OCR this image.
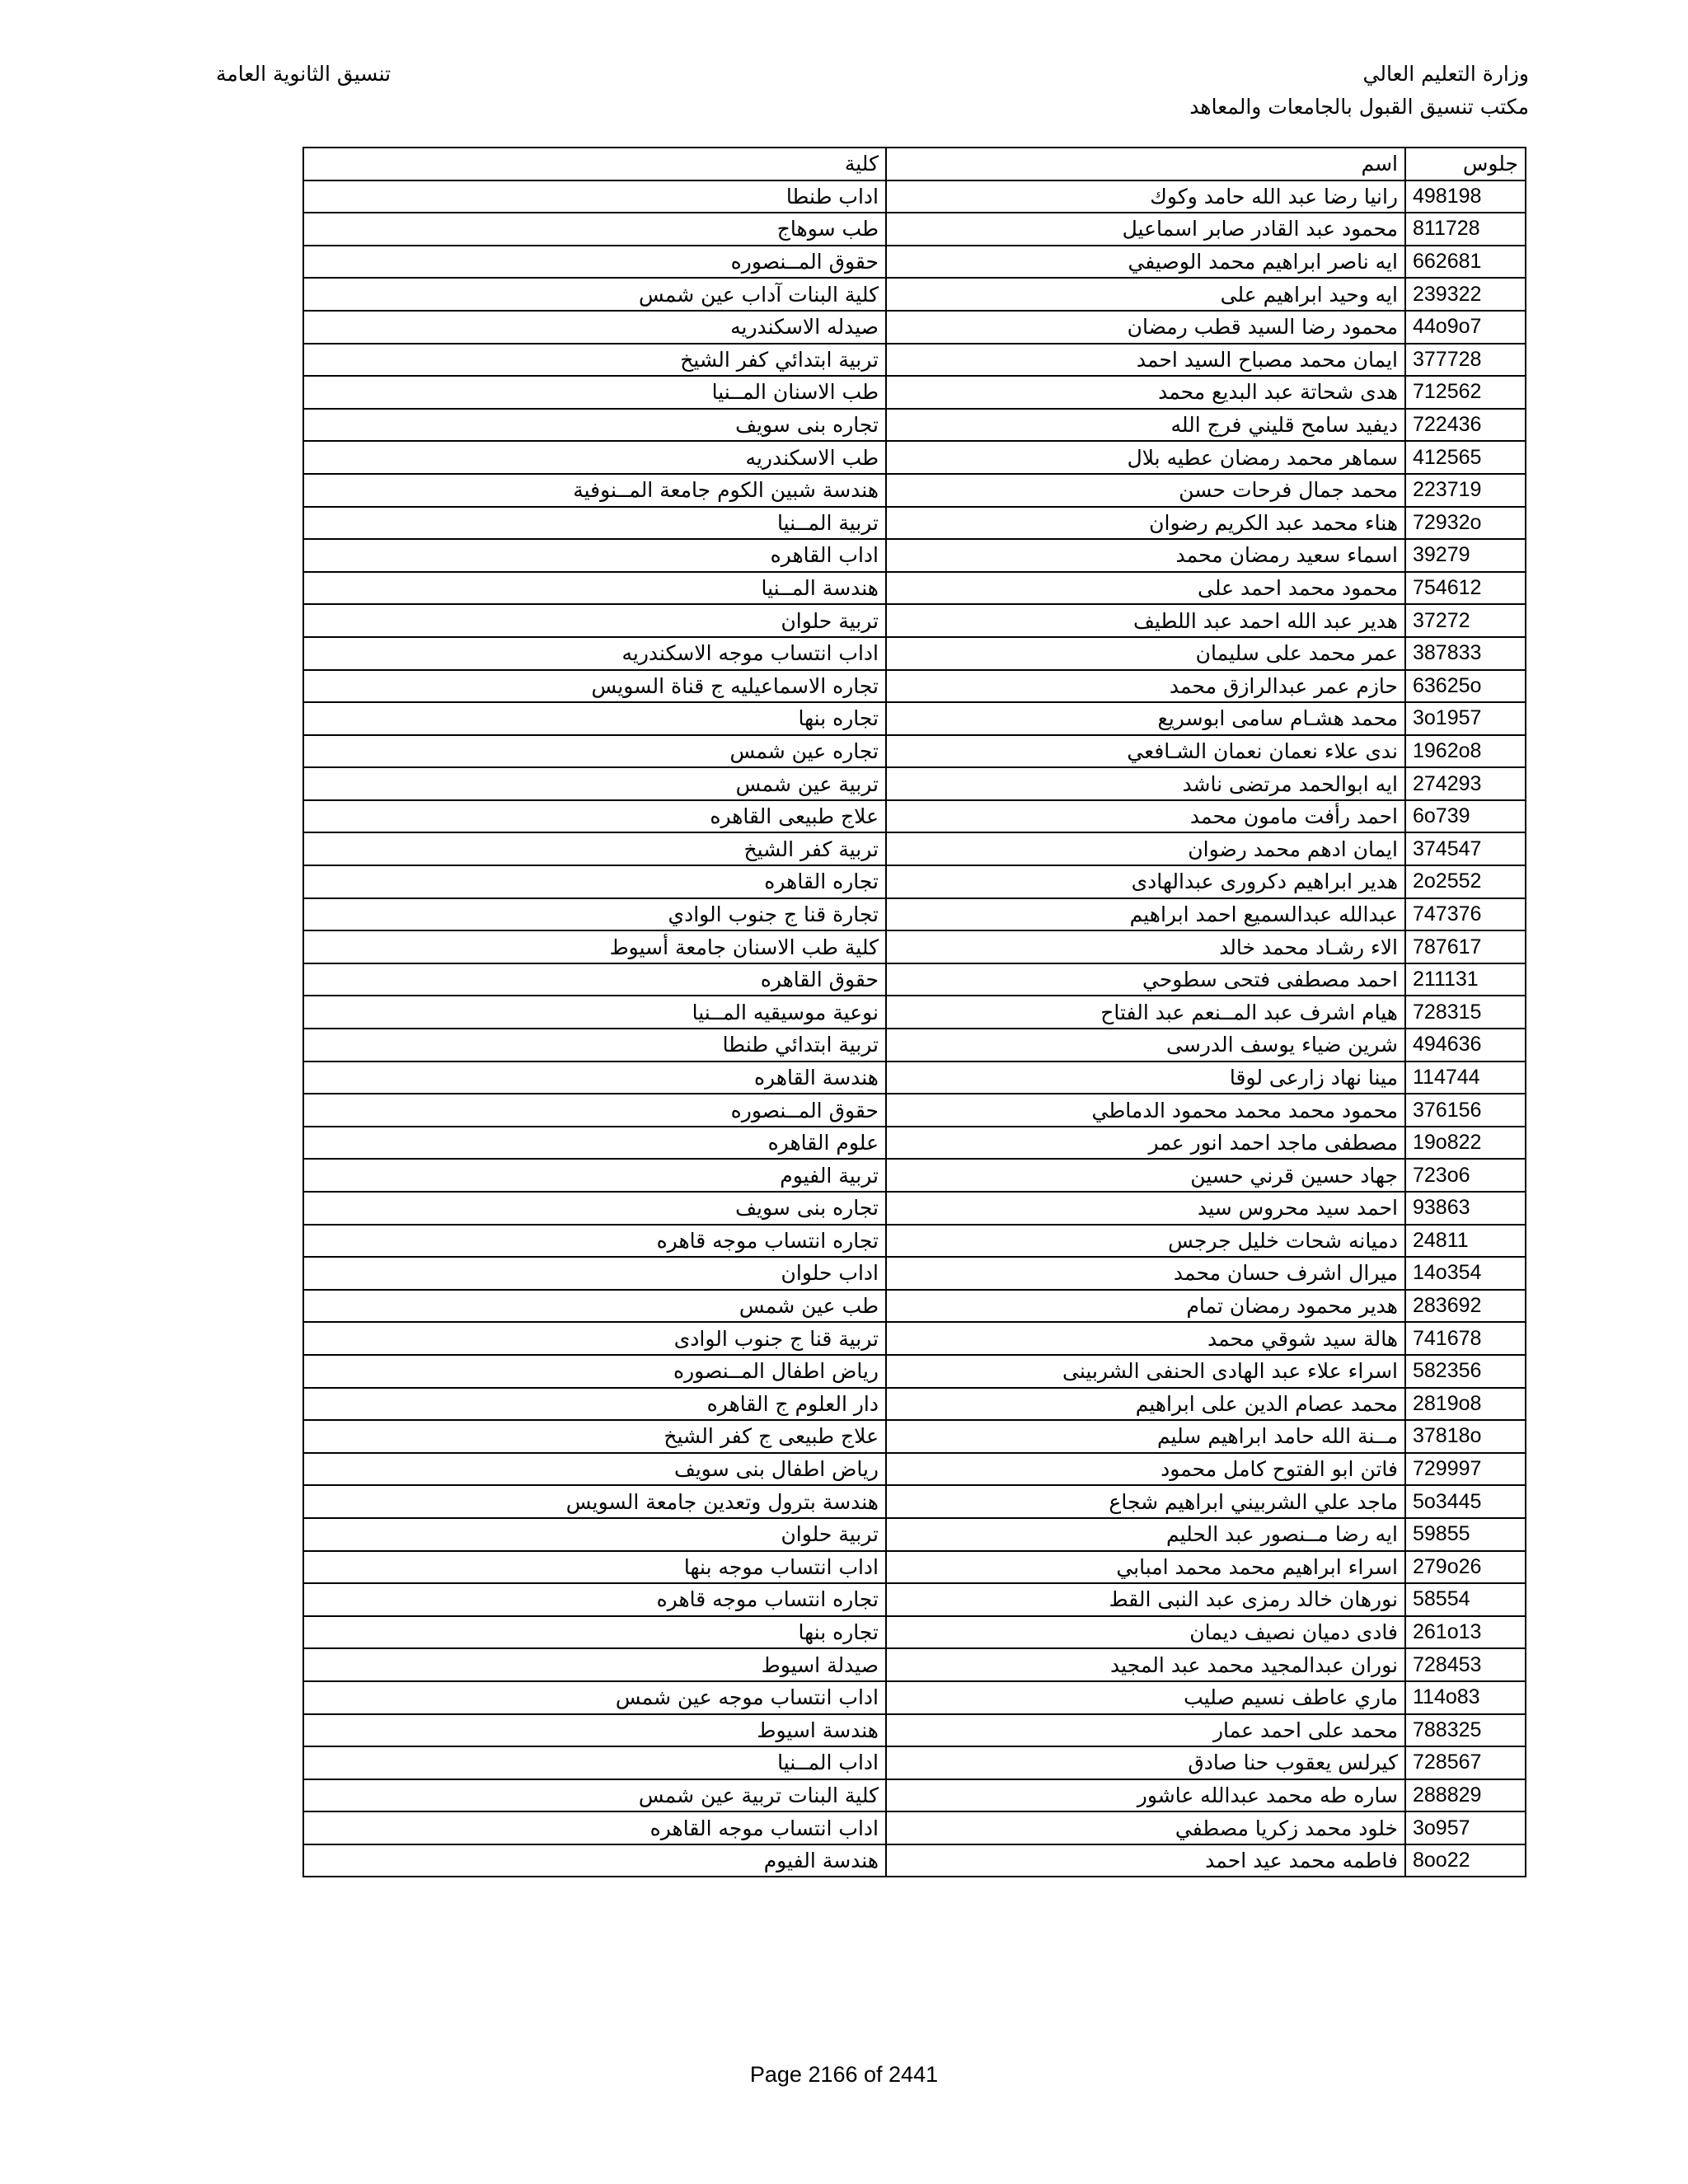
وزارة التعليم العالي
مكتب تنسيق القبول بالجامعات والمعاهد
تنسيق الثانوية العامة
جلوس	اسم	كلية
498198	رانيا رضا عبد الله حامد وكوك	اداب طنطا
811728	محمود عبد القادر صابر اسماعيل	طب سوهاج
662681	ايه ناصر ابراهيم محمد الوصيفي	حقوق المــنصوره
239322	ايه وحيد ابراهيم على	كلية البنات آداب عين شمس
44o9o7	محمود رضا السيد قطب رمضان	صيدله الاسكندريه
377728	ايمان محمد مصباح السيد احمد	تربية ابتدائي كفر الشيخ
712562	هدى شحاتة عبد البديع محمد	طب الاسنان المــنيا
722436	ديفيد سامح قليني فرج الله	تجاره بنى سويف
412565	سماهر محمد رمضان عطيه بلال	طب الاسكندريه
223719	محمد جمال فرحات حسن	هندسة شبين الكوم جامعة المــنوفية
72932o	هناء محمد عبد الكريم رضوان	تربية المــنيا
39279	اسماء سعيد رمضان محمد	اداب القاهره
754612	محمود محمد احمد على	هندسة المــنيا
37272	هدير عبد الله احمد عبد اللطيف	تربية حلوان
387833	عمر محمد على سليمان	اداب انتساب موجه الاسكندريه
63625o	حازم عمر عبدالرازق محمد	تجاره الاسماعيليه ج قناة السويس
3o1957	محمد هشـام سامى ابوسريع	تجاره بنها
1962o8	ندى علاء نعمان نعمان الشـافعي	تجاره عين شمس
274293	ايه ابوالحمد مرتضى ناشد	تربية عين شمس
6o739	احمد رأفت مامون محمد	علاج طبيعى القاهره
374547	ايمان ادهم محمد رضوان	تربية كفر الشيخ
2o2552	هدير ابراهيم دكرورى عبدالهادى	تجاره القاهره
747376	عبدالله عبدالسميع احمد ابراهيم	تجارة قنا ج جنوب الوادي
787617	الاء رشـاد محمد خالد	كلية طب الاسنان جامعة أسيوط
211131	احمد مصطفى فتحى سطوحي	حقوق القاهره
728315	هيام اشرف عبد المــنعم عبد الفتاح	نوعية موسيقيه المــنيا
494636	شرين ضياء يوسف الدرسى	تربية ابتدائي طنطا
114744	مينا نهاد زارعى لوقا	هندسة القاهره
376156	محمود محمد محمد محمود الدماطي	حقوق المــنصوره
19o822	مصطفى ماجد احمد انور عمر	علوم القاهره
723o6	جهاد حسين قرني حسين	تربية الفيوم
93863	احمد سيد محروس سيد	تجاره بنى سويف
24811	دميانه شحات خليل جرجس	تجاره انتساب موجه قاهره
14o354	ميرال اشرف حسان محمد	اداب حلوان
283692	هدير محمود رمضان تمام	طب عين شمس
741678	هالة سيد شوقي محمد	تربية قنا ج جنوب الوادى
582356	اسراء علاء عبد الهادى الحنفى الشربينى	رياض اطفال المــنصوره
2819o8	محمد عصام الدين على ابراهيم	دار العلوم ج القاهره
37818o	مــنة الله حامد ابراهيم سليم	علاج طبيعى ج كفر الشيخ
729997	فاتن ابو الفتوح كامل محمود	رياض اطفال بنى سويف
5o3445	ماجد علي الشربيني ابراهيم شجاع	هندسة بترول وتعدين جامعة السويس
59855	ايه رضا مــنصور عبد الحليم	تربية حلوان
279o26	اسراء ابراهيم محمد محمد امبابي	اداب انتساب موجه بنها
58554	نورهان خالد رمزى عبد النبى القط	تجاره انتساب موجه قاهره
261o13	فادى دميان نصيف ديمان	تجاره بنها
728453	نوران عبدالمجيد محمد عبد المجيد	صيدلة اسيوط
114o83	ماري عاطف نسيم صليب	اداب انتساب موجه عين شمس
788325	محمد على احمد عمار	هندسة اسيوط
728567	كيرلس يعقوب حنا صادق	اداب المــنيا
288829	ساره طه محمد عبدالله عاشور	كلية البنات تربية عين شمس
3o957	خلود محمد زكريا مصطفي	اداب انتساب موجه القاهره
8oo22	فاطمه محمد عيد احمد	هندسة الفيوم
Page 2166 of 2441
